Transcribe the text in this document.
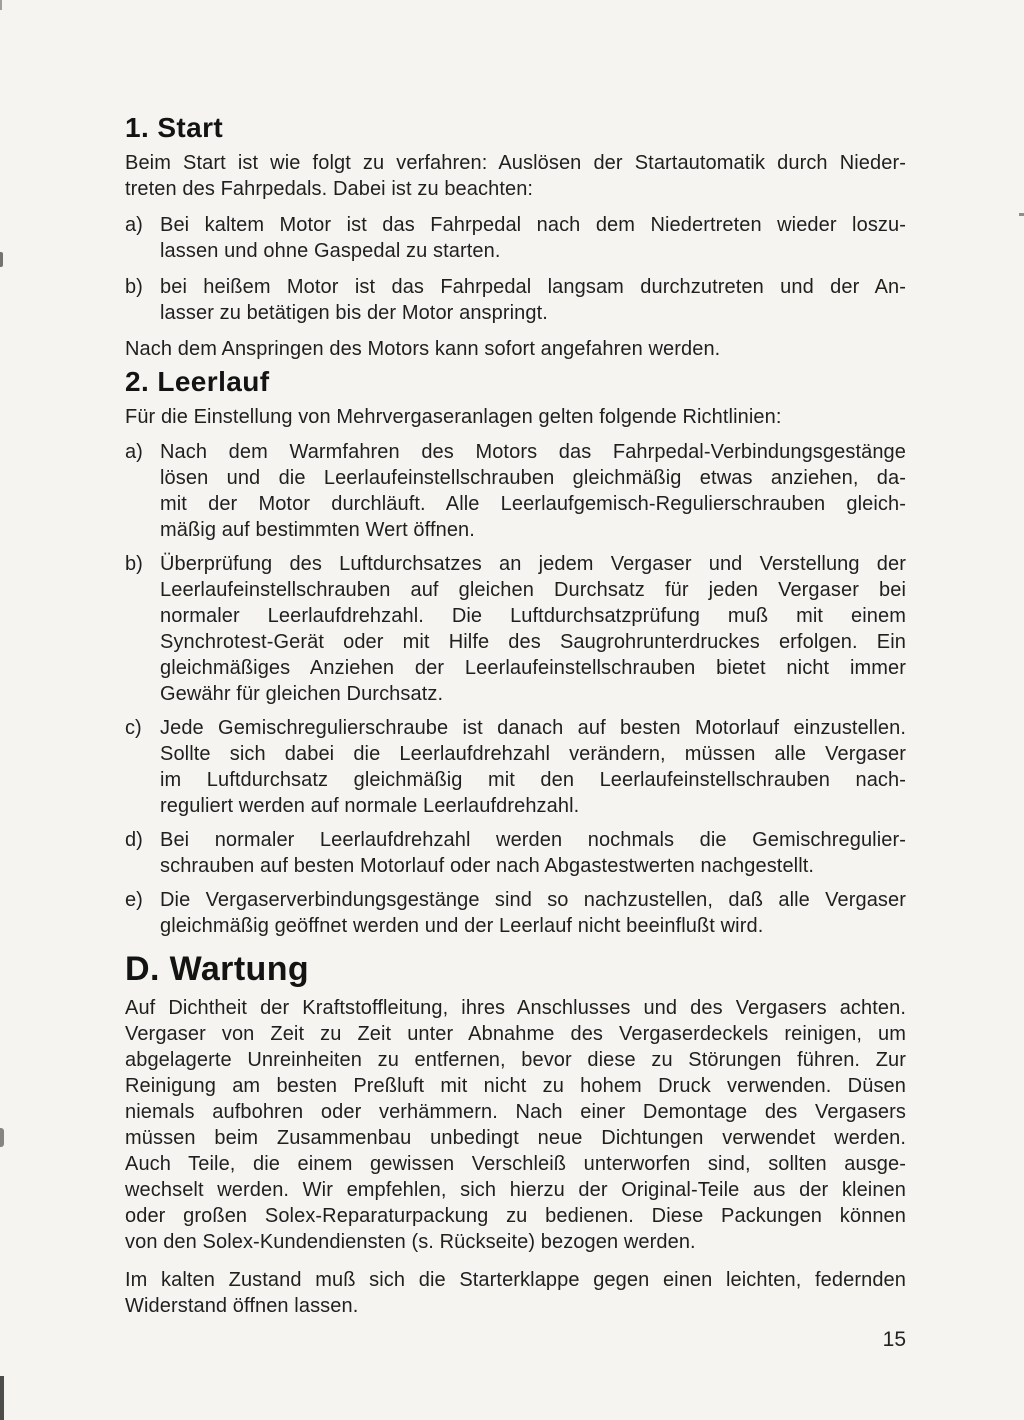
1. Start
Beim Start ist wie folgt zu verfahren: Auslösen der Startautomatik durch Nieder-
treten des Fahrpedals. Dabei ist zu beachten:
a) Bei kaltem Motor ist das Fahrpedal nach dem Niedertreten wieder loszu-
lassen und ohne Gaspedal zu starten.
b) bei heißem Motor ist das Fahrpedal langsam durchzutreten und der An-
lasser zu betätigen bis der Motor anspringt.
Nach dem Anspringen des Motors kann sofort angefahren werden.
2. Leerlauf
Für die Einstellung von Mehrvergaseranlagen gelten folgende Richtlinien:
a) Nach dem Warmfahren des Motors das Fahrpedal-Verbindungsgestänge
lösen und die Leerlaufeinstellschrauben gleichmäßig etwas anziehen, da-
mit der Motor durchläuft. Alle Leerlaufgemisch-Regulierschrauben gleich-
mäßig auf bestimmten Wert öffnen.
b) Überprüfung des Luftdurchsatzes an jedem Vergaser und Verstellung der
Leerlaufeinstellschrauben auf gleichen Durchsatz für jeden Vergaser bei
normaler Leerlaufdrehzahl. Die Luftdurchsatzprüfung muß mit einem
Synchrotest-Gerät oder mit Hilfe des Saugrohrunterdruckes erfolgen. Ein
gleichmäßiges Anziehen der Leerlaufeinstellschrauben bietet nicht immer
Gewähr für gleichen Durchsatz.
c) Jede Gemischregulierschraube ist danach auf besten Motorlauf einzustellen.
Sollte sich dabei die Leerlaufdrehzahl verändern, müssen alle Vergaser
im Luftdurchsatz gleichmäßig mit den Leerlaufeinstellschrauben nach-
reguliert werden auf normale Leerlaufdrehzahl.
d) Bei normaler Leerlaufdrehzahl werden nochmals die Gemischregulier-
schrauben auf besten Motorlauf oder nach Abgastestwerten nachgestellt.
e) Die Vergaserverbindungsgestänge sind so nachzustellen, daß alle Vergaser
gleichmäßig geöffnet werden und der Leerlauf nicht beeinflußt wird.
D. Wartung
Auf Dichtheit der Kraftstoffleitung, ihres Anschlusses und des Vergasers achten.
Vergaser von Zeit zu Zeit unter Abnahme des Vergaserdeckels reinigen, um
abgelagerte Unreinheiten zu entfernen, bevor diese zu Störungen führen. Zur
Reinigung am besten Preßluft mit nicht zu hohem Druck verwenden. Düsen
niemals aufbohren oder verhämmern. Nach einer Demontage des Vergasers
müssen beim Zusammenbau unbedingt neue Dichtungen verwendet werden.
Auch Teile, die einem gewissen Verschleiß unterworfen sind, sollten ausge-
wechselt werden. Wir empfehlen, sich hierzu der Original-Teile aus der kleinen
oder großen Solex-Reparaturpackung zu bedienen. Diese Packungen können
von den Solex-Kundendiensten (s. Rückseite) bezogen werden.
Im kalten Zustand muß sich die Starterklappe gegen einen leichten, federnden
Widerstand öffnen lassen.
15
